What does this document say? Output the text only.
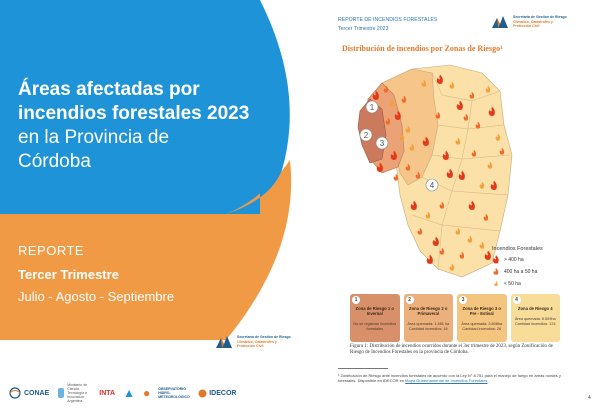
Áreas afectadas por
incendios forestales 2023
en la Provincia de
Córdoba
REPORTE
Tercer Trimestre
Julio - Agosto - Septiembre
Secretaría de Gestión de Riesgo
Climático, Catástrofes y Protección Civil
CONAE
Ministerio de Ciencia, Tecnología e Innovación Argentina
INTA ▲ ● OBSERVATORIO HIDRO-METEOROLÓGICO
IDECOR
REPORTE DE INCENDIOS FORESTALES
Tercer Trimestre 2023
Secretaría de Gestión de Riesgo
Climático, Catástrofes y Protección Civil
Distribución de incendios por Zonas de Riesgo¹
1
2
3
4
Incendios Forestales
> 400 ha
400 ha a 50 ha
< 50 ha
1
Zona de Riesgo 1 o Invernal
No se registran incendios forestales
2
Zona de Riesgo 2 o Primaveral
Área quemada: 1.481 ha Cantidad incendios: 16
3
Zona de Riesgo 3 o Pre - Estival
Área quemada: 3.808ha Cantidad incendios: 26
4
Zona de Riesgo 4
Área quemada: 8.509ha Cantidad incendios: 124
Figura 1: Distribución de incendios ocurridos durante el 3er trimestre de 2023, según Zonificación de Riesgo de Incendios Forestales en la provincia de Córdoba.
¹ Zonificación de Riesgo ante incendios forestales de acuerdo con la Ley N° 8.751 para el manejo de fuego en áreas rurales y forestales. Disponible en IDECOR en Mapa Gubernamental de Incendios Forestales.
4
